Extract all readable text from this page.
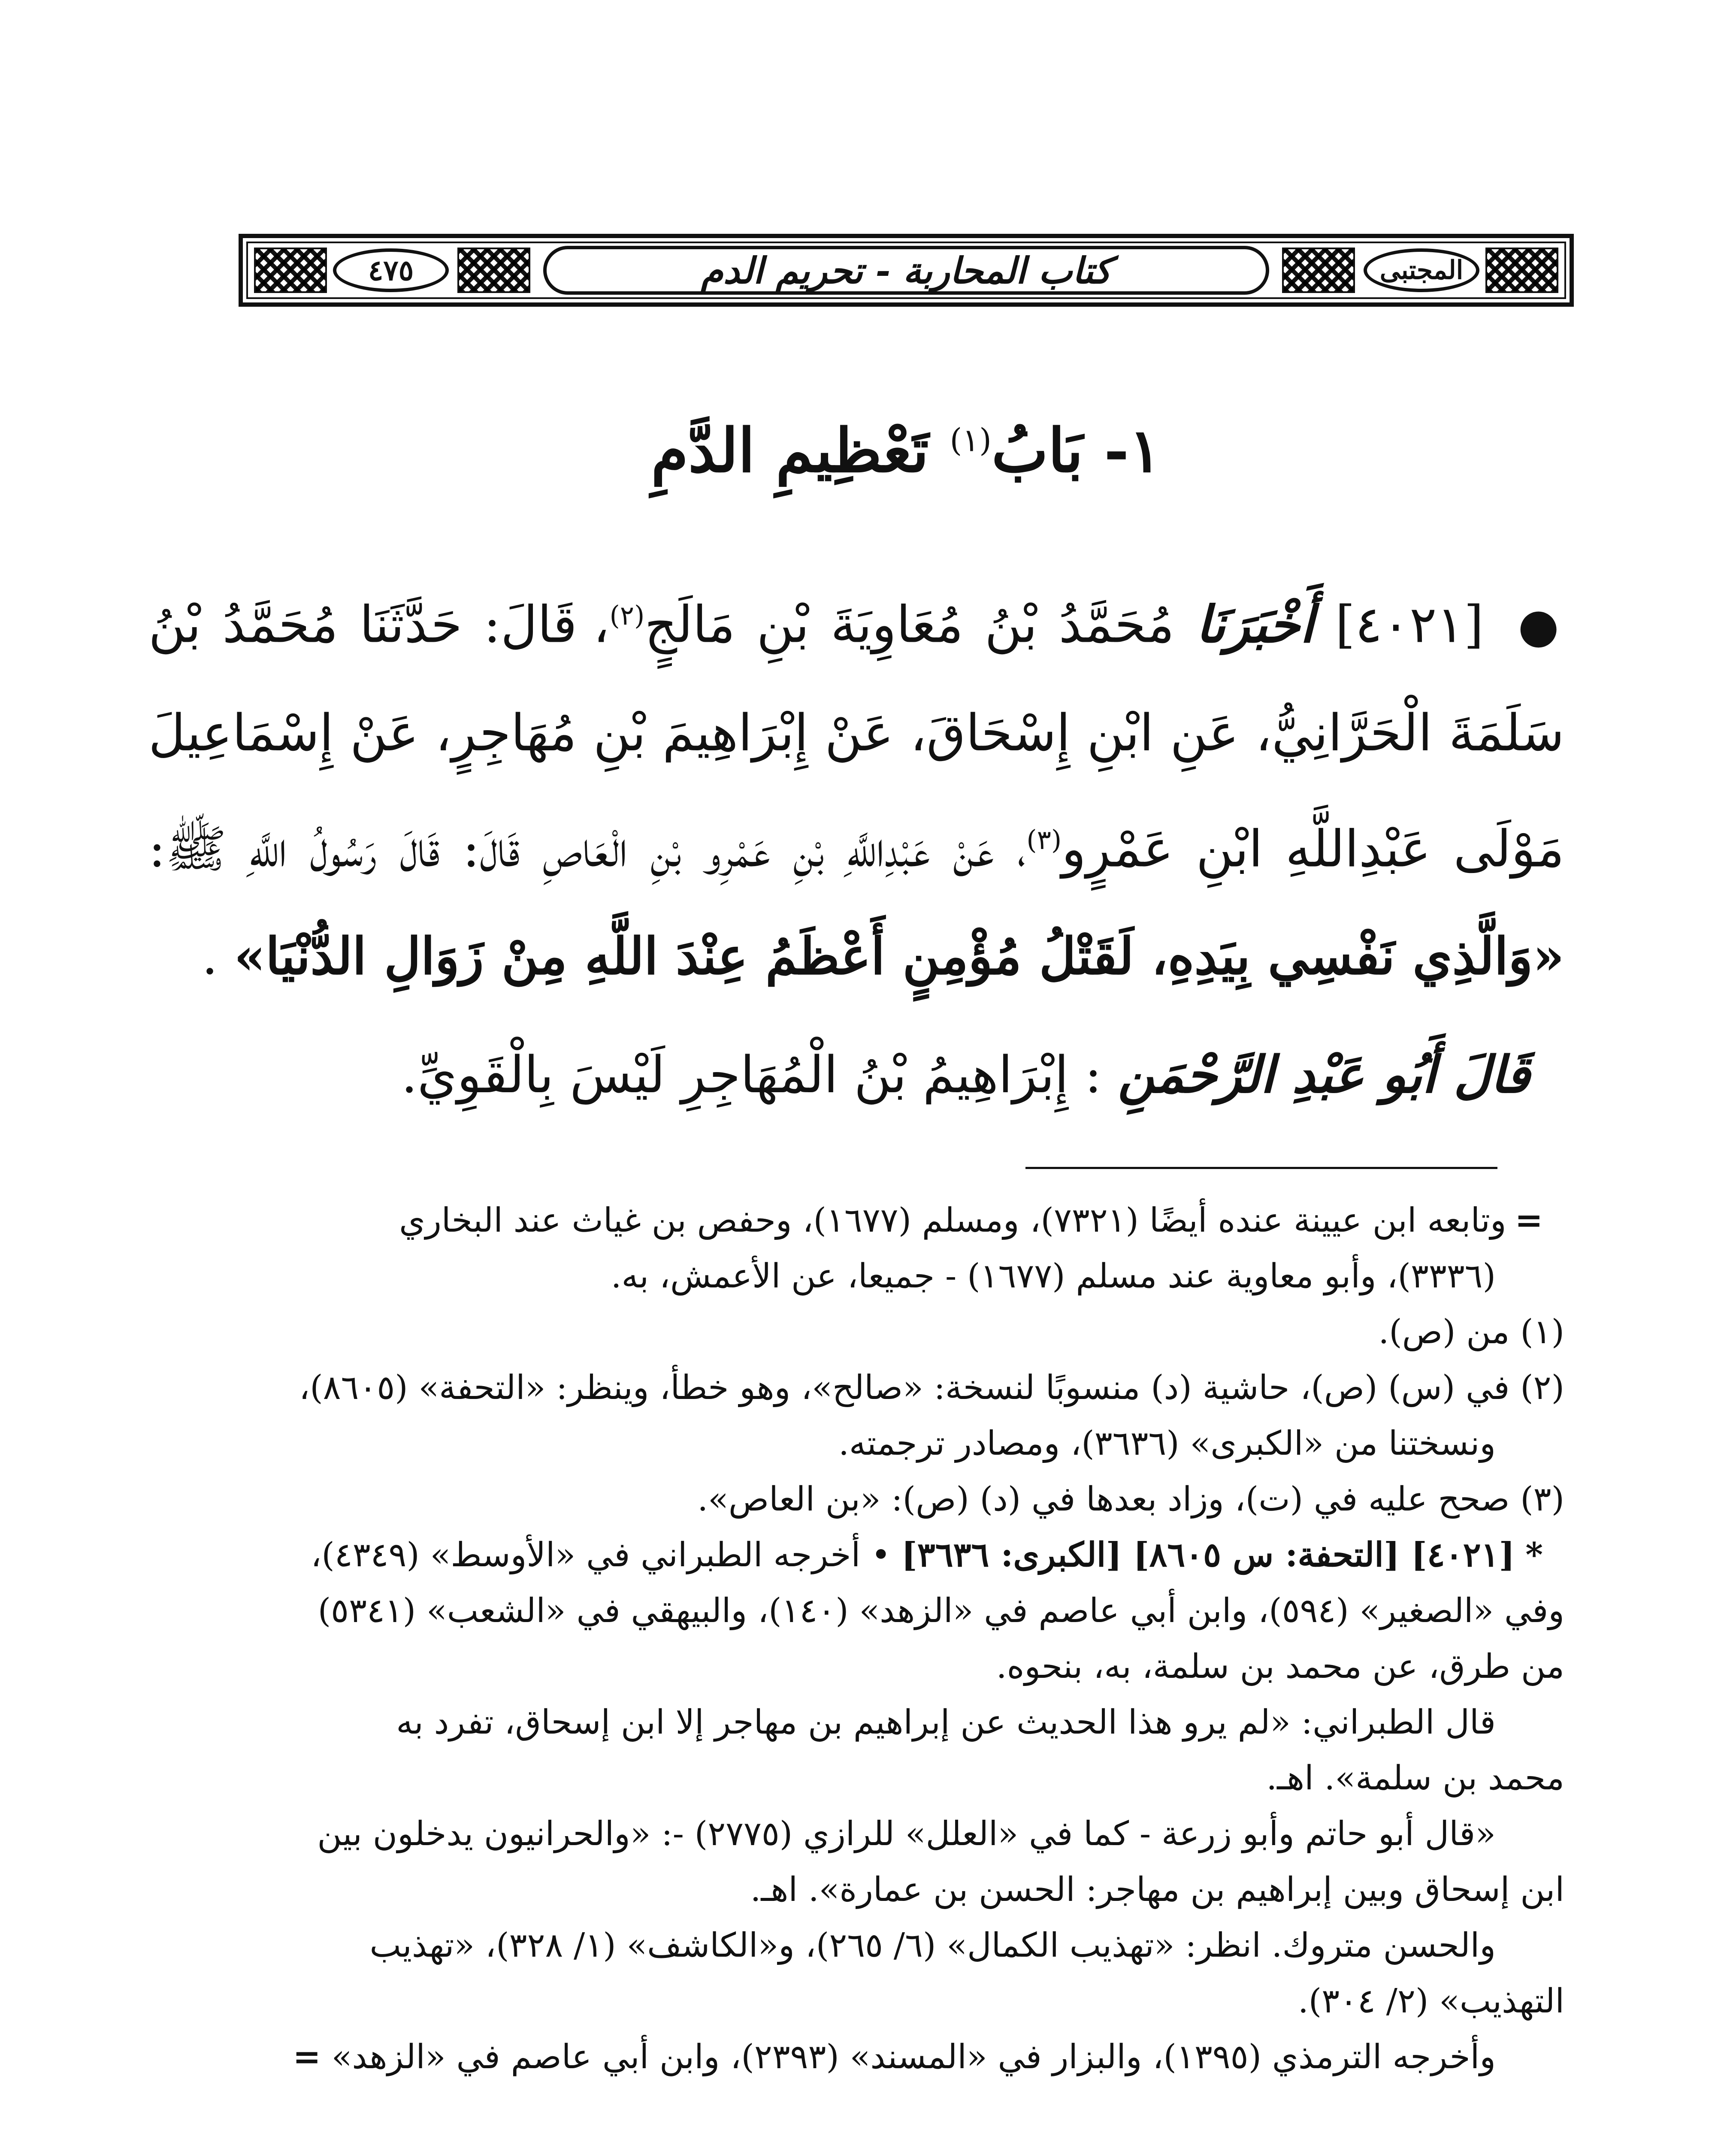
المجتبى
كتاب المحاربة - تحريم الدم
٤٧٥
١- بَابُ$^{(١)}$ تَعْظِيمِ الدَّمِ
● [٤٠٢١] أَخْبَرَنَا مُحَمَّدُ بْنُ مُعَاوِيَةَ بْنِ مَالَجٍ$^{(٢)}$، قَالَ: حَدَّثَنَا مُحَمَّدُ بْنُ سَلَمَةَ الْحَرَّانِيُّ، عَنِ ابْنِ إِسْحَاقَ، عَنْ إِبْرَاهِيمَ بْنِ مُهَاجِرٍ، عَنْ إِسْمَاعِيلَ مَوْلَى عَبْدِاللَّهِ ابْنِ عَمْرٍو$^{(٣)}$، عَنْ عَبْدِاللَّهِ بْنِ عَمْرِو بْنِ الْعَاصِ قَالَ: قَالَ رَسُولُ اللَّهِ ﷺ: «وَالَّذِي نَفْسِي بِيَدِهِ، لَقَتْلُ مُؤْمِنٍ أَعْظَمُ عِنْدَ اللَّهِ مِنْ زَوَالِ الدُّنْيَا» .
قَالَ أَبُو عَبْدِ الرَّحْمَنِ : إِبْرَاهِيمُ بْنُ الْمُهَاجِرِ لَيْسَ بِالْقَوِيِّ.

=وتابعه ابن عيينة عنده أيضًا (٧٣٢١)، ومسلم (١٦٧٧)، وحفص بن غياث عند البخاري

(٣٣٣٦)، وأبو معاوية عند مسلم (١٦٧٧) - جميعا، عن الأعمش، به.

(١) من (ص).

(٢) في (س) (ص)، حاشية (د) منسوبًا لنسخة: «صالح»، وهو خطأ، وينظر: «التحفة» (٨٦٠٥)،

ونسختنا من «الكبرى» (٣٦٣٦)، ومصادر ترجمته.

(٣) صحح عليه في (ت)، وزاد بعدها في (د) (ص): «بن العاص».

* [٤٠٢١] [التحفة: س ٨٦٠٥] [الكبرى: ٣٦٣٦] • أخرجه الطبراني في «الأوسط» (٤٣٤٩)،

وفي «الصغير» (٥٩٤)، وابن أبي عاصم في «الزهد» (١٤٠)، والبيهقي في «الشعب» (٥٣٤١)

من طرق، عن محمد بن سلمة، به، بنحوه.

قال الطبراني: «لم يرو هذا الحديث عن إبراهيم بن مهاجر إلا ابن إسحاق، تفرد به

محمد بن سلمة». اهـ.

«قال أبو حاتم وأبو زرعة - كما في «العلل» للرازي (٢٧٧٥) -: «والحرانيون يدخلون بين

ابن إسحاق وبين إبراهيم بن مهاجر: الحسن بن عمارة». اهـ.

والحسن متروك. انظر: «تهذيب الكمال» (٦/ ٢٦٥)، و«الكاشف» (١/ ٣٢٨)، «تهذيب

التهذيب» (٢/ ٣٠٤).

وأخرجه الترمذي (١٣٩٥)، والبزار في «المسند» (٢٣٩٣)، وابن أبي عاصم في «الزهد» =
